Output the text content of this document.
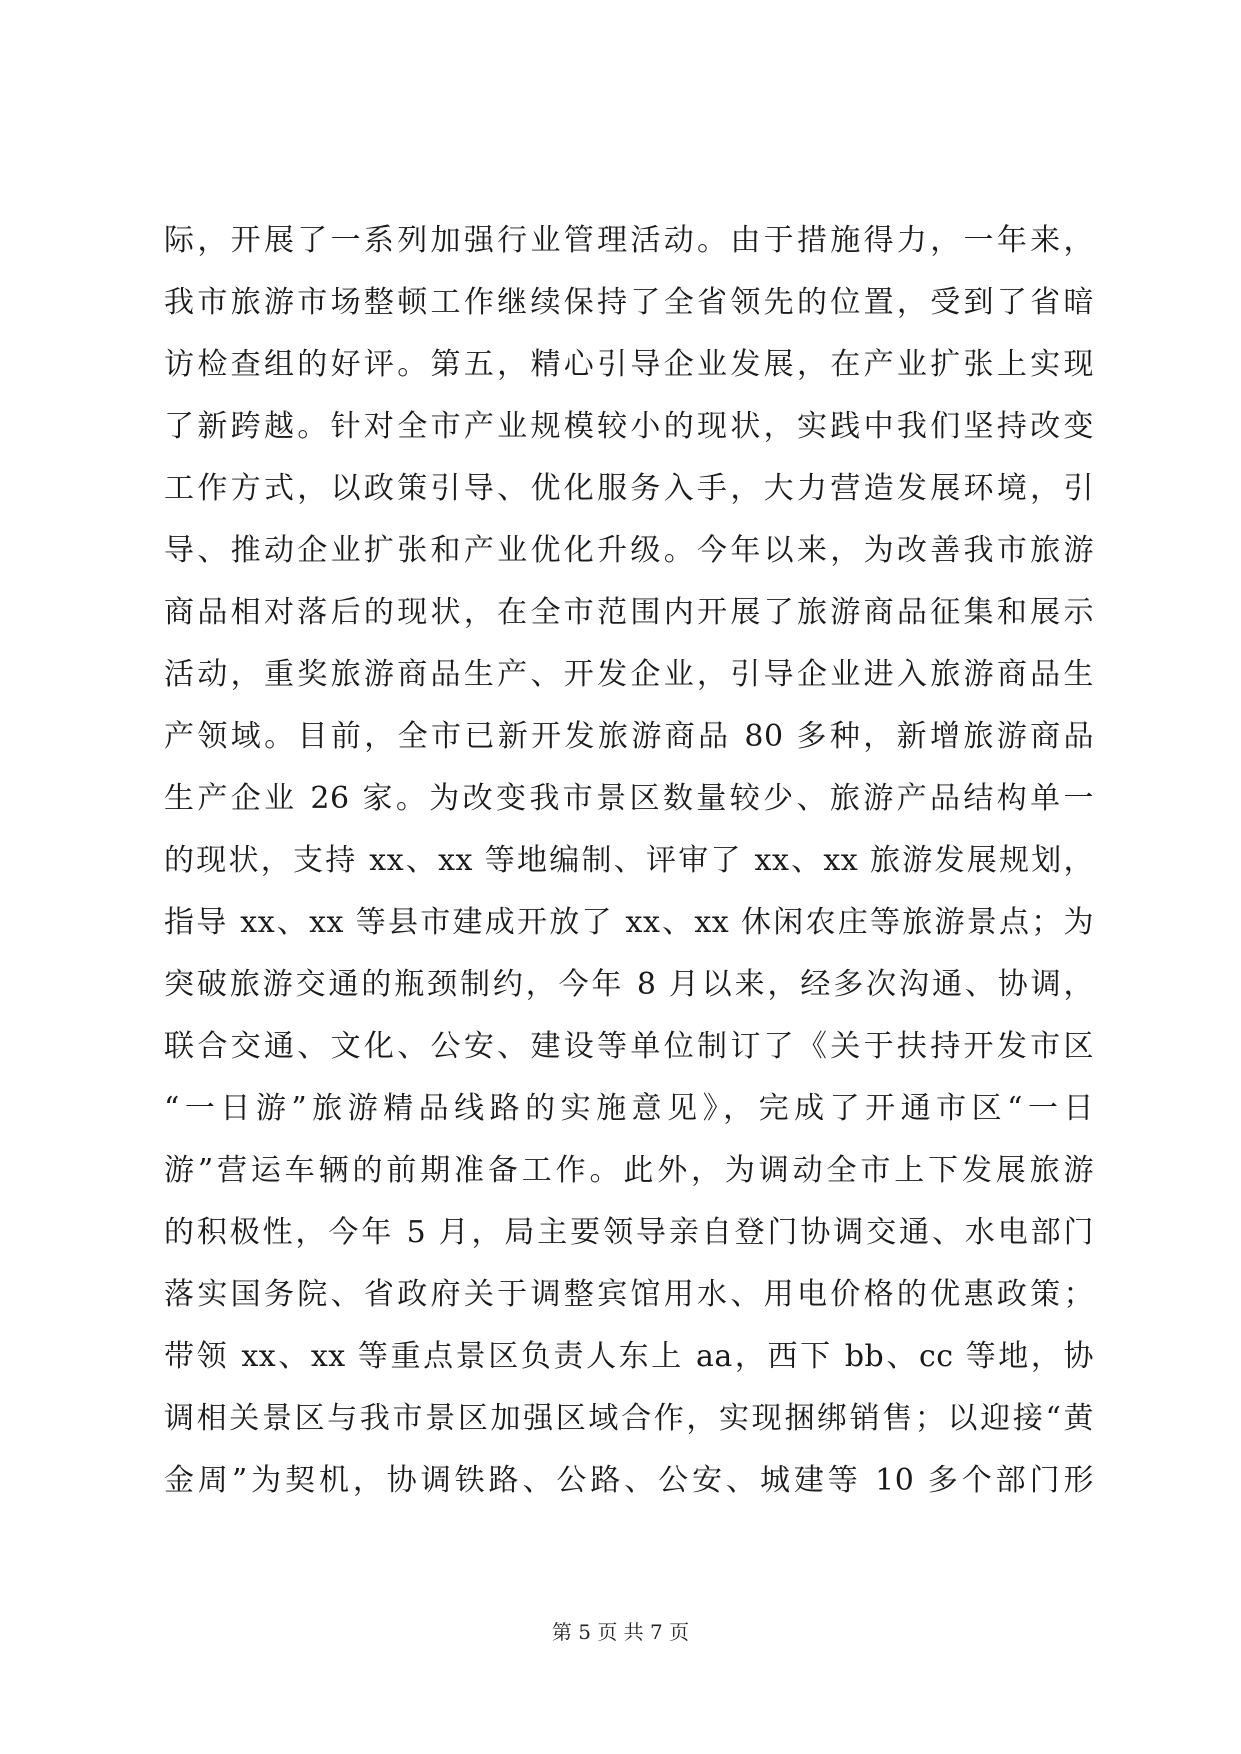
际，开展了一系列加强行业管理活动。由于措施得力，一年来，
我市旅游市场整顿工作继续保持了全省领先的位置，受到了省暗
访检查组的好评。第五，精心引导企业发展，在产业扩张上实现
了新跨越。针对全市产业规模较小的现状，实践中我们坚持改变
工作方式，以政策引导、优化服务入手，大力营造发展环境，引
导、推动企业扩张和产业优化升级。今年以来，为改善我市旅游
商品相对落后的现状，在全市范围内开展了旅游商品征集和展示
活动，重奖旅游商品生产、开发企业，引导企业进入旅游商品生
产领域。目前，全市已新开发旅游商品 80 多种，新增旅游商品
生产企业 26 家。为改变我市景区数量较少、旅游产品结构单一
的现状，支持 xx、xx 等地编制、评审了 xx、xx 旅游发展规划，
指导 xx、xx 等县市建成开放了 xx、xx 休闲农庄等旅游景点；为
突破旅游交通的瓶颈制约，今年 8 月以来，经多次沟通、协调，
联合交通、文化、公安、建设等单位制订了《关于扶持开发市区
“一日游”旅游精品线路的实施意见》，完成了开通市区“一日
游”营运车辆的前期准备工作。此外，为调动全市上下发展旅游
的积极性，今年 5 月，局主要领导亲自登门协调交通、水电部门
落实国务院、省政府关于调整宾馆用水、用电价格的优惠政策；
带领 xx、xx 等重点景区负责人东上 aa，西下 bb、cc 等地，协
调相关景区与我市景区加强区域合作，实现捆绑销售；以迎接“黄
金周”为契机，协调铁路、公路、公安、城建等 10 多个部门形
第 5 页 共 7 页
